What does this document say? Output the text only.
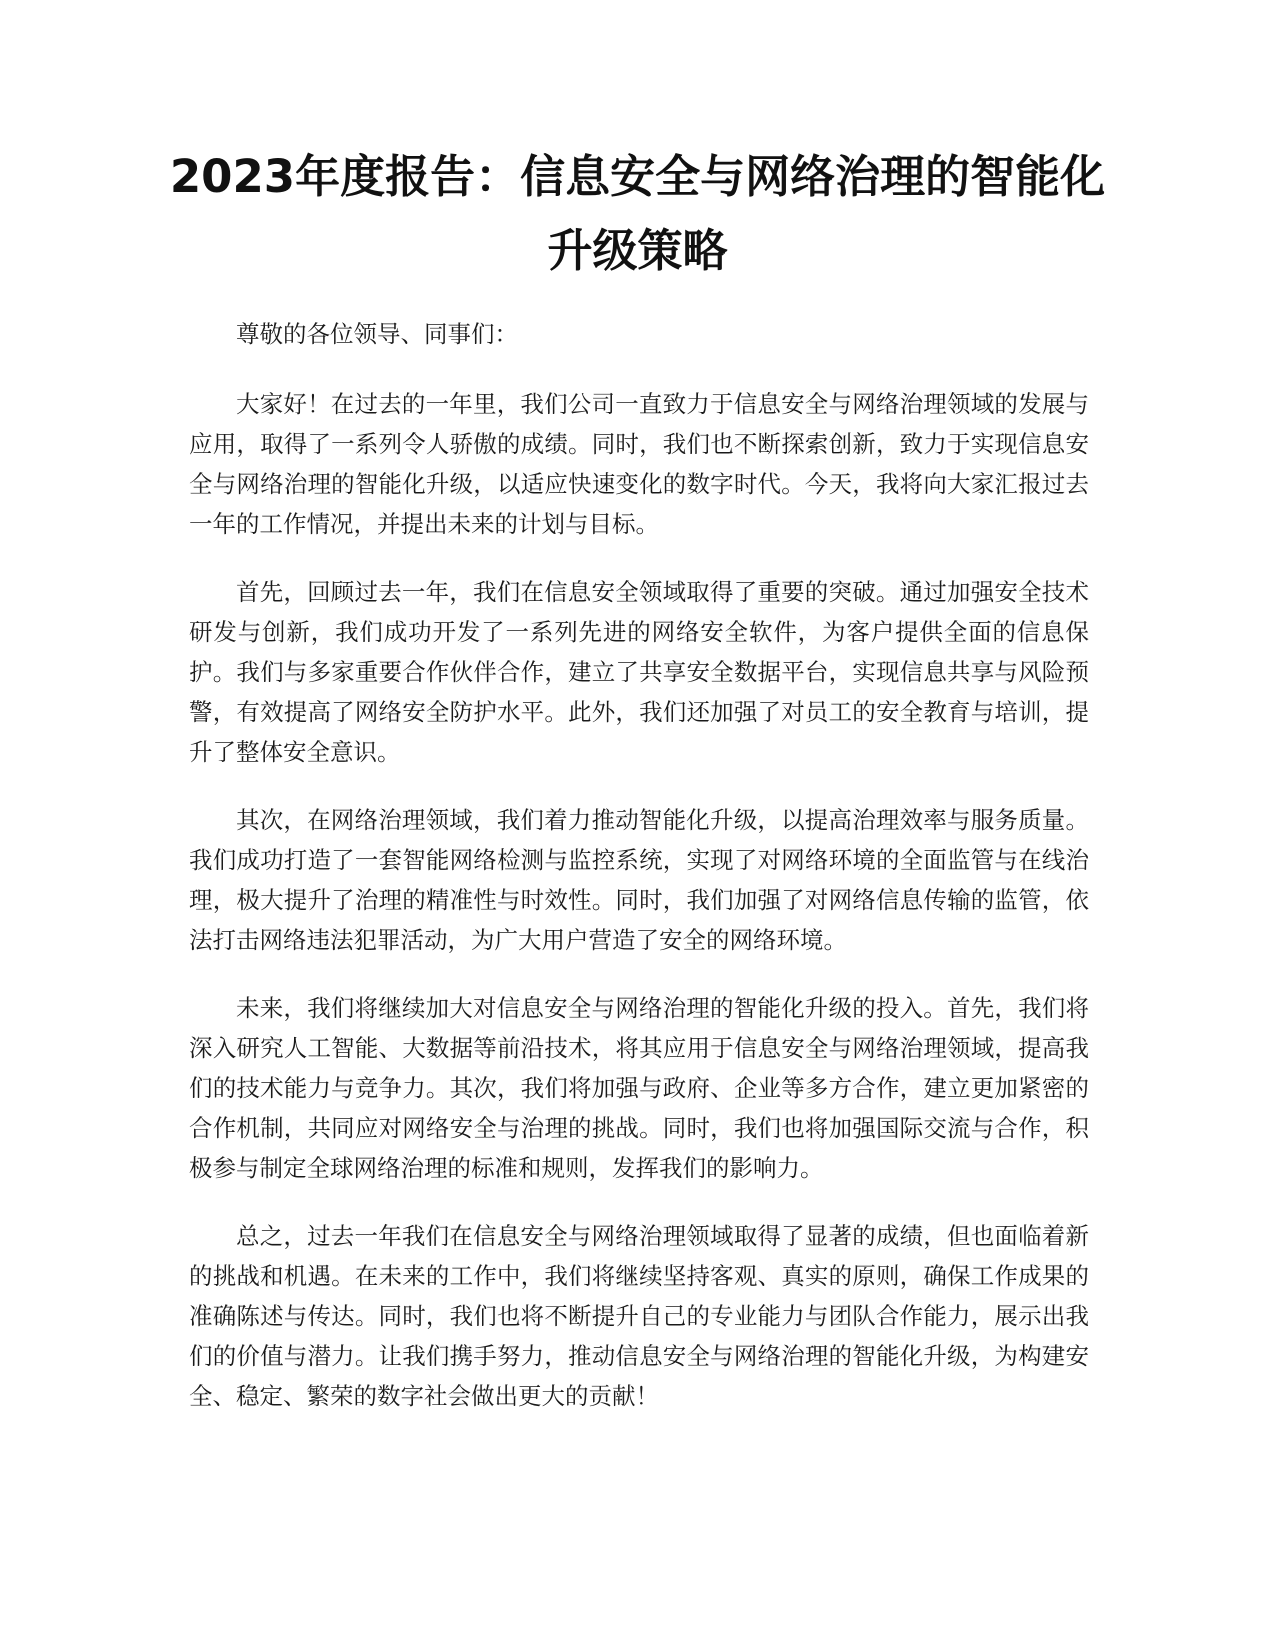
2023年度报告：信息安全与网络治理的智能化升级策略

尊敬的各位领导、同事们：

大家好！在过去的一年里，我们公司一直致力于信息安全与网络治理领域的发展与应用，取得了一系列令人骄傲的成绩。同时，我们也不断探索创新，致力于实现信息安全与网络治理的智能化升级，以适应快速变化的数字时代。今天，我将向大家汇报过去一年的工作情况，并提出未来的计划与目标。

首先，回顾过去一年，我们在信息安全领域取得了重要的突破。通过加强安全技术研发与创新，我们成功开发了一系列先进的网络安全软件，为客户提供全面的信息保护。我们与多家重要合作伙伴合作，建立了共享安全数据平台，实现信息共享与风险预警，有效提高了网络安全防护水平。此外，我们还加强了对员工的安全教育与培训，提升了整体安全意识。

其次，在网络治理领域，我们着力推动智能化升级，以提高治理效率与服务质量。我们成功打造了一套智能网络检测与监控系统，实现了对网络环境的全面监管与在线治理，极大提升了治理的精准性与时效性。同时，我们加强了对网络信息传输的监管，依法打击网络违法犯罪活动，为广大用户营造了安全的网络环境。

未来，我们将继续加大对信息安全与网络治理的智能化升级的投入。首先，我们将深入研究人工智能、大数据等前沿技术，将其应用于信息安全与网络治理领域，提高我们的技术能力与竞争力。其次，我们将加强与政府、企业等多方合作，建立更加紧密的合作机制，共同应对网络安全与治理的挑战。同时，我们也将加强国际交流与合作，积极参与制定全球网络治理的标准和规则，发挥我们的影响力。

总之，过去一年我们在信息安全与网络治理领域取得了显著的成绩，但也面临着新的挑战和机遇。在未来的工作中，我们将继续坚持客观、真实的原则，确保工作成果的准确陈述与传达。同时，我们也将不断提升自己的专业能力与团队合作能力，展示出我们的价值与潜力。让我们携手努力，推动信息安全与网络治理的智能化升级，为构建安全、稳定、繁荣的数字社会做出更大的贡献！
